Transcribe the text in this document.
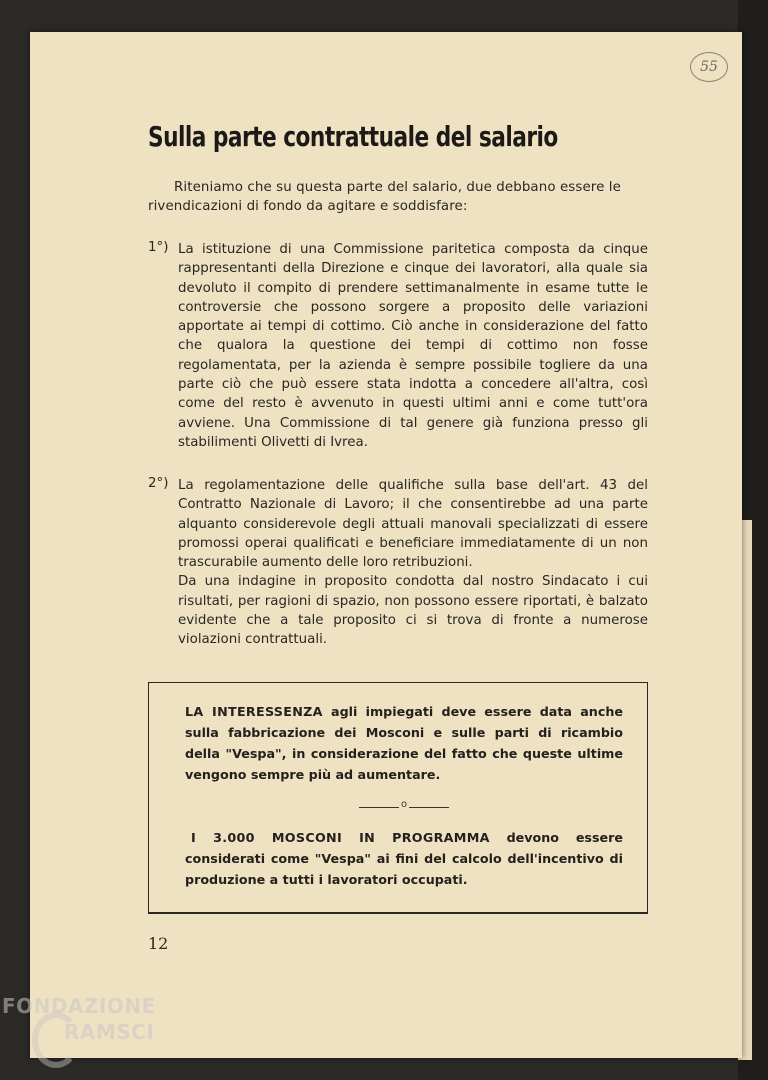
55
Sulla parte contrattuale del salario

Riteniamo che su questa parte del salario, due debbano essere le rivendicazioni di fondo da agitare e soddisfare:

1°) La istituzione di una Commissione paritetica composta da cinque rappresentanti della Direzione e cinque dei lavoratori, alla quale sia devoluto il compito di prendere settimanalmente in esame tutte le controversie che possono sorgere a proposito delle variazioni apportate ai tempi di cottimo. Ciò anche in considerazione del fatto che qualora la questione dei tempi di cottimo non fosse regolamentata, per la azienda è sempre possibile togliere da una parte ciò che può essere stata indotta a concedere all'altra, così come del resto è avvenuto in questi ultimi anni e come tutt'ora avviene. Una Commissione di tal genere già funziona presso gli stabilimenti Olivetti di Ivrea.

2°) La regolamentazione delle qualifiche sulla base dell'art. 43 del Contratto Nazionale di Lavoro; il che consentirebbe ad una parte alquanto considerevole degli attuali manovali specializzati di essere promossi operai qualificati e beneficiare immediatamente di un non trascurabile aumento delle loro retribuzioni.

Da una indagine in proposito condotta dal nostro Sindacato i cui risultati, per ragioni di spazio, non possono essere riportati, è balzato evidente che a tale proposito ci si trova di fronte a numerose violazioni contrattuali.

LA INTERESSENZA agli impiegati deve essere data anche sulla fabbricazione dei Mosconi e sulle parti di ricambio della "Vespa", in considerazione del fatto che queste ultime vengono sempre più ad aumentare.

o

I 3.000 MOSCONI IN PROGRAMMA devono essere considerati come "Vespa" ai fini del calcolo dell'incentivo di produzione a tutti i lavoratori occupati.

12
FONDAZIONE
RAMSCI
